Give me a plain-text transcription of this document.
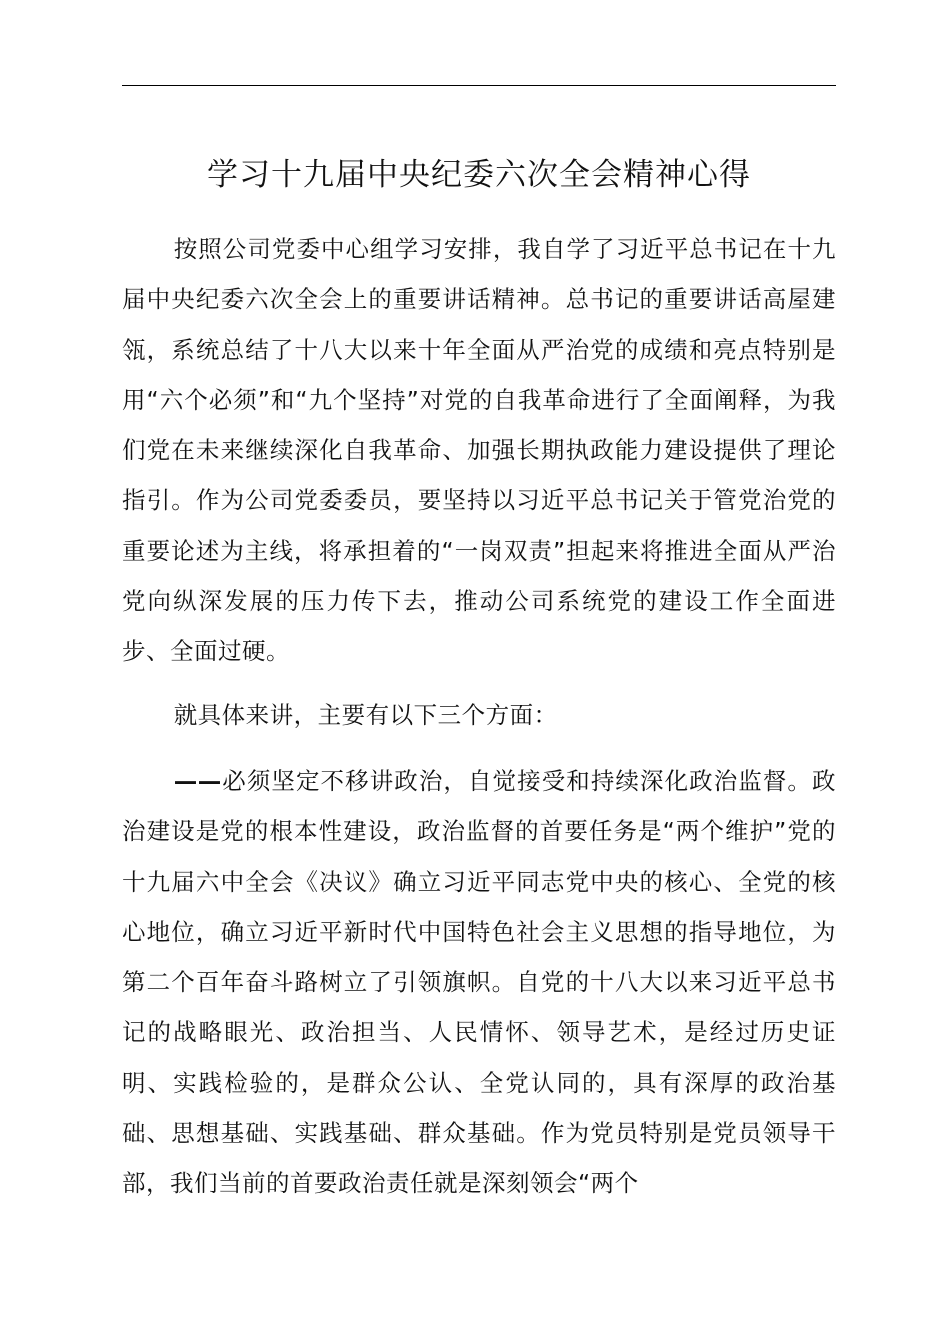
学习十九届中央纪委六次全会精神心得

按照公司党委中心组学习安排，我自学了习近平总书记在十九届中央纪委六次全会上的重要讲话精神。总书记的重要讲话高屋建瓴，系统总结了十八大以来十年全面从严治党的成绩和亮点特别是用“六个必须”和“九个坚持”对党的自我革命进行了全面阐释，为我们党在未来继续深化自我革命、加强长期执政能力建设提供了理论指引。作为公司党委委员，要坚持以习近平总书记关于管党治党的重要论述为主线，将承担着的“一岗双责”担起来将推进全面从严治党向纵深发展的压力传下去，推动公司系统党的建设工作全面进步、全面过硬。

就具体来讲，主要有以下三个方面：

——必须坚定不移讲政治，自觉接受和持续深化政治监督。政治建设是党的根本性建设，政治监督的首要任务是“两个维护”党的十九届六中全会《决议》确立习近平同志党中央的核心、全党的核心地位，确立习近平新时代中国特色社会主义思想的指导地位，为第二个百年奋斗路树立了引领旗帜。自党的十八大以来习近平总书记的战略眼光、政治担当、人民情怀、领导艺术，是经过历史证明、实践检验的，是群众公认、全党认同的，具有深厚的政治基础、思想基础、实践基础、群众基础。作为党员特别是党员领导干部，我们当前的首要政治责任就是深刻领会“两个
